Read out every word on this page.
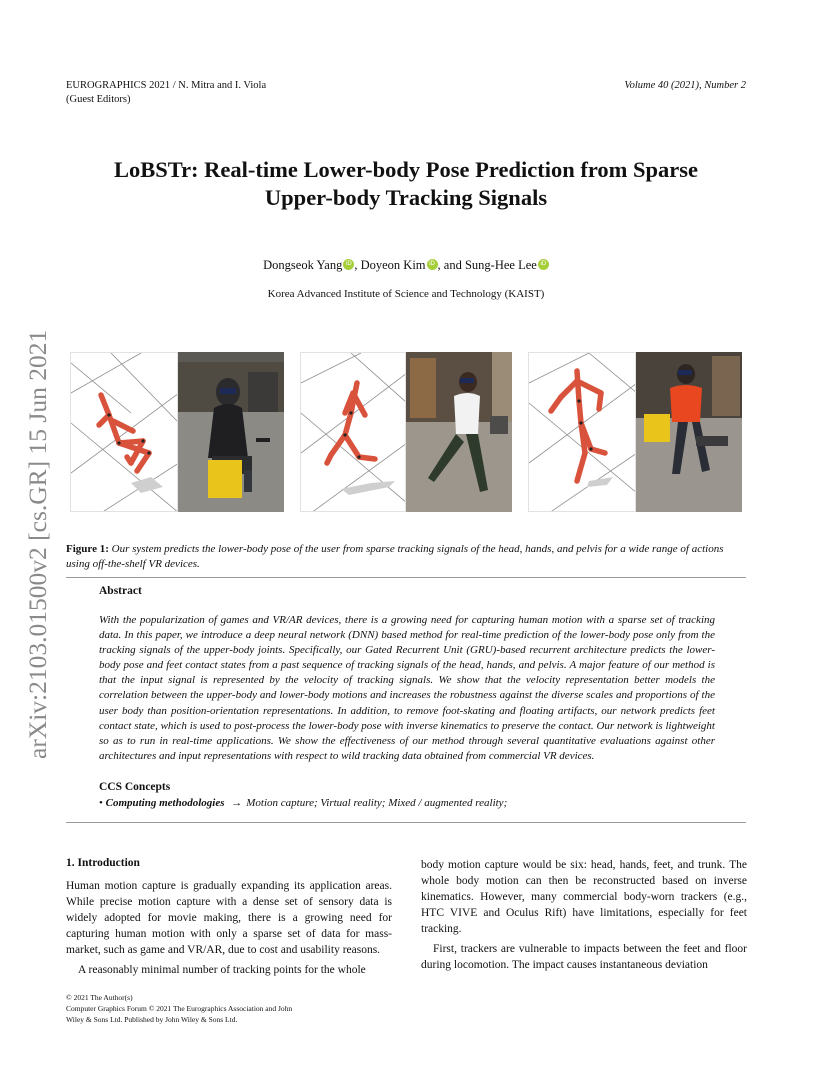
EUROGRAPHICS 2021 / N. Mitra and I. Viola
(Guest Editors)
Volume 40 (2021), Number 2
arXiv:2103.01500v2 [cs.GR] 15 Jun 2021
LoBSTr: Real-time Lower-body Pose Prediction from Sparse
Upper-body Tracking Signals
Dongseok Yang iD , Doyeon Kim iD , and Sung-Hee Lee iD
Korea Advanced Institute of Science and Technology (KAIST)
Figure 1: Our system predicts the lower-body pose of the user from sparse tracking signals of the head, hands, and pelvis for a wide range of actions using off-the-shelf VR devices.
Abstract
With the popularization of games and VR/AR devices, there is a growing need for capturing human motion with a sparse set of tracking data. In this paper, we introduce a deep neural network (DNN) based method for real-time prediction of the lower-body pose only from the tracking signals of the upper-body joints. Specifically, our Gated Recurrent Unit (GRU)-based recurrent architecture predicts the lower-body pose and feet contact states from a past sequence of tracking signals of the head, hands, and pelvis. A major feature of our method is that the input signal is represented by the velocity of tracking signals. We show that the velocity representation better models the correlation between the upper-body and lower-body motions and increases the robustness against the diverse scales and proportions of the user body than position-orientation representations. In addition, to remove foot-skating and floating artifacts, our network predicts feet contact state, which is used to post-process the lower-body pose with inverse kinematics to preserve the contact. Our network is lightweight so as to run in real-time applications. We show the effectiveness of our method through several quantitative evaluations against other architectures and input representations with respect to wild tracking data obtained from commercial VR devices.
CCS Concepts
• Computing methodologies → Motion capture; Virtual reality; Mixed / augmented reality;
1. Introduction

Human motion capture is gradually expanding its application areas. While precise motion capture with a dense set of sensory data is widely adopted for movie making, there is a growing need for capturing human motion with only a sparse set of data for mass-market, such as game and VR/AR, due to cost and usability reasons.

A reasonably minimal number of tracking points for the whole

body motion capture would be six: head, hands, feet, and trunk. The whole body motion can then be reconstructed based on inverse kinematics. However, many commercial body-worn trackers (e.g., HTC VIVE and Oculus Rift) have limitations, especially for feet tracking.

First, trackers are vulnerable to impacts between the feet and floor during locomotion. The impact causes instantaneous deviation

© 2021 The Author(s)
Computer Graphics Forum © 2021 The Eurographics Association and John
Wiley & Sons Ltd. Published by John Wiley & Sons Ltd.
